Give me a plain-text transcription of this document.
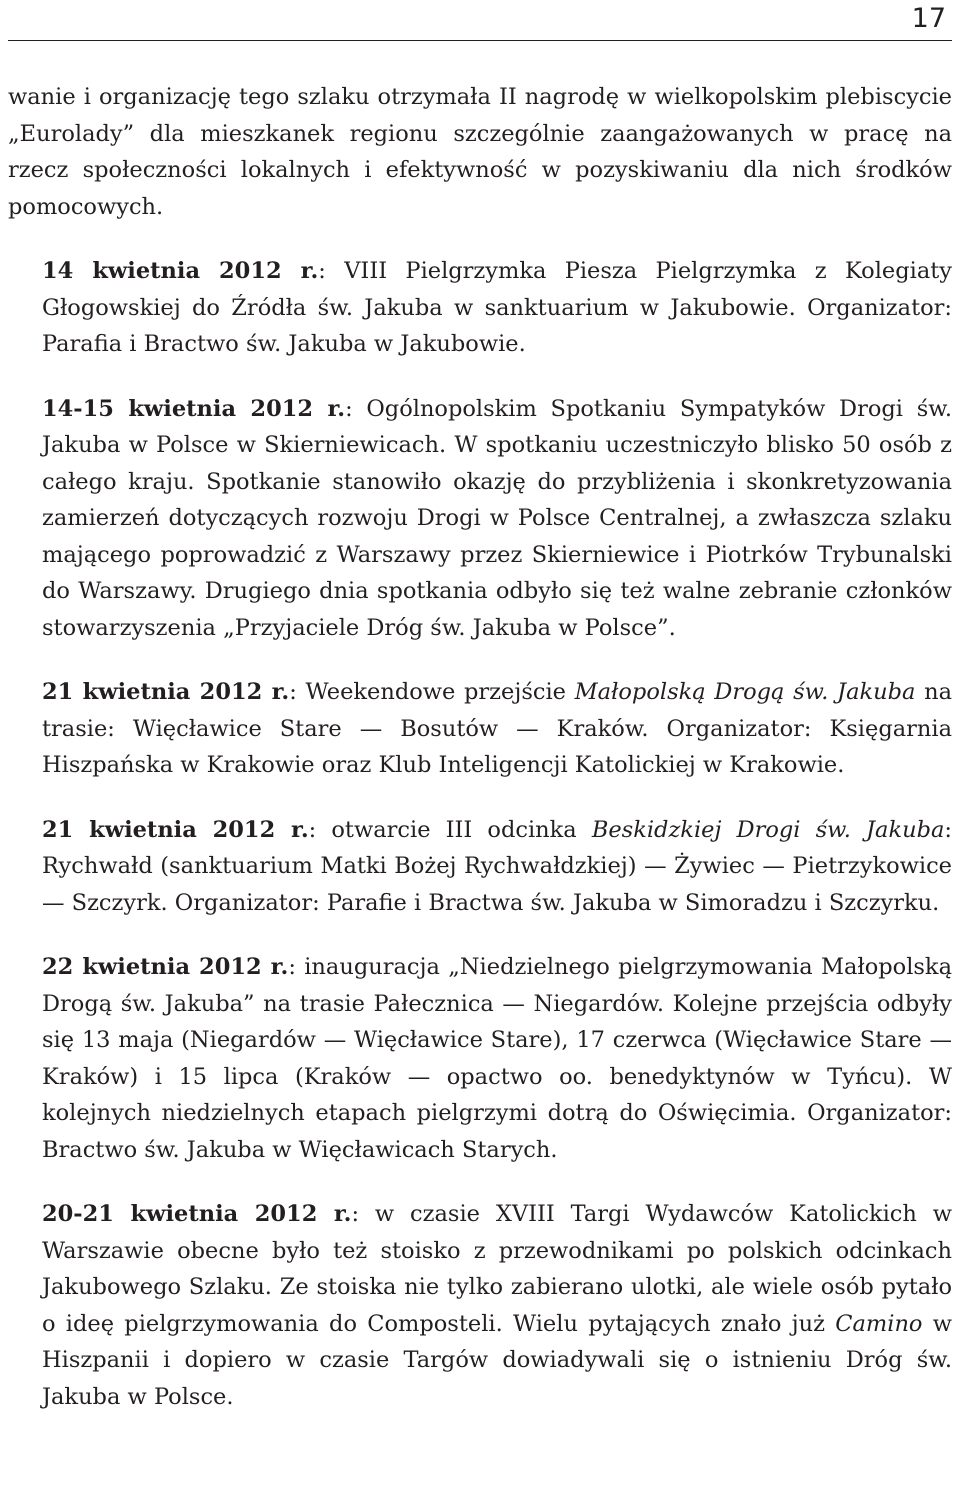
17

wanie i organizację tego szlaku otrzymała II nagrodę w wielkopolskim plebiscycie „Eurolady” dla mieszkanek regionu szczególnie zaangażowanych w pracę na rzecz społeczności lokalnych i efektywność w pozyskiwaniu dla nich środków pomocowych.

14 kwietnia 2012 r.: VIII Pielgrzymka Piesza Pielgrzymka z Kolegiaty Głogowskiej do Źródła św. Jakuba w sanktuarium w Jakubowie. Organizator: Parafia i Bractwo św. Jakuba w Jakubowie.

14-15 kwietnia 2012 r.: Ogólnopolskim Spotkaniu Sympatyków Drogi św. Jakuba w Polsce w Skierniewicach. W spotkaniu uczestniczyło blisko 50 osób z całego kraju. Spotkanie stanowiło okazję do przybliżenia i skonkretyzowania zamierzeń dotyczących rozwoju Drogi w Polsce Centralnej, a zwłaszcza szlaku mającego poprowadzić z Warszawy przez Skierniewice i Piotrków Trybunalski do Warszawy. Drugiego dnia spotkania odbyło się też walne zebranie członków stowarzyszenia „Przyjaciele Dróg św. Jakuba w Polsce”.

21 kwietnia 2012 r.: Weekendowe przejście Małopolską Drogą św. Jakuba na trasie: Więcławice Stare — Bosutów — Kraków. Organizator: Księgarnia Hiszpańska w Krakowie oraz Klub Inteligencji Katolickiej w Krakowie.

21 kwietnia 2012 r.: otwarcie III odcinka Beskidzkiej Drogi św. Jakuba: Rychwałd (sanktuarium Matki Bożej Rychwałdzkiej) — Żywiec — Pietrzykowice — Szczyrk. Organizator: Parafie i Bractwa św. Jakuba w Simoradzu i Szczyrku.

22 kwietnia 2012 r.: inauguracja „Niedzielnego pielgrzymowania Małopolską Drogą św. Jakuba” na trasie Pałecznica — Niegardów. Kolejne przejścia odbyły się 13 maja (Niegardów — Więcławice Stare), 17 czerwca (Więcławice Stare — Kraków) i 15 lipca (Kraków — opactwo oo. benedyktynów w Tyńcu). W kolejnych niedzielnych etapach pielgrzymi dotrą do Oświęcimia. Organizator: Bractwo św. Jakuba w Więcławicach Starych.

20-21 kwietnia 2012 r.: w czasie XVIII Targi Wydawców Katolickich w Warszawie obecne było też stoisko z przewodnikami po polskich odcinkach Jakubowego Szlaku. Ze stoiska nie tylko zabierano ulotki, ale wiele osób pytało o ideę pielgrzymowania do Composteli. Wielu pytających znało już Camino w Hiszpanii i dopiero w czasie Targów dowiadywali się o istnieniu Dróg św. Jakuba w Polsce.
